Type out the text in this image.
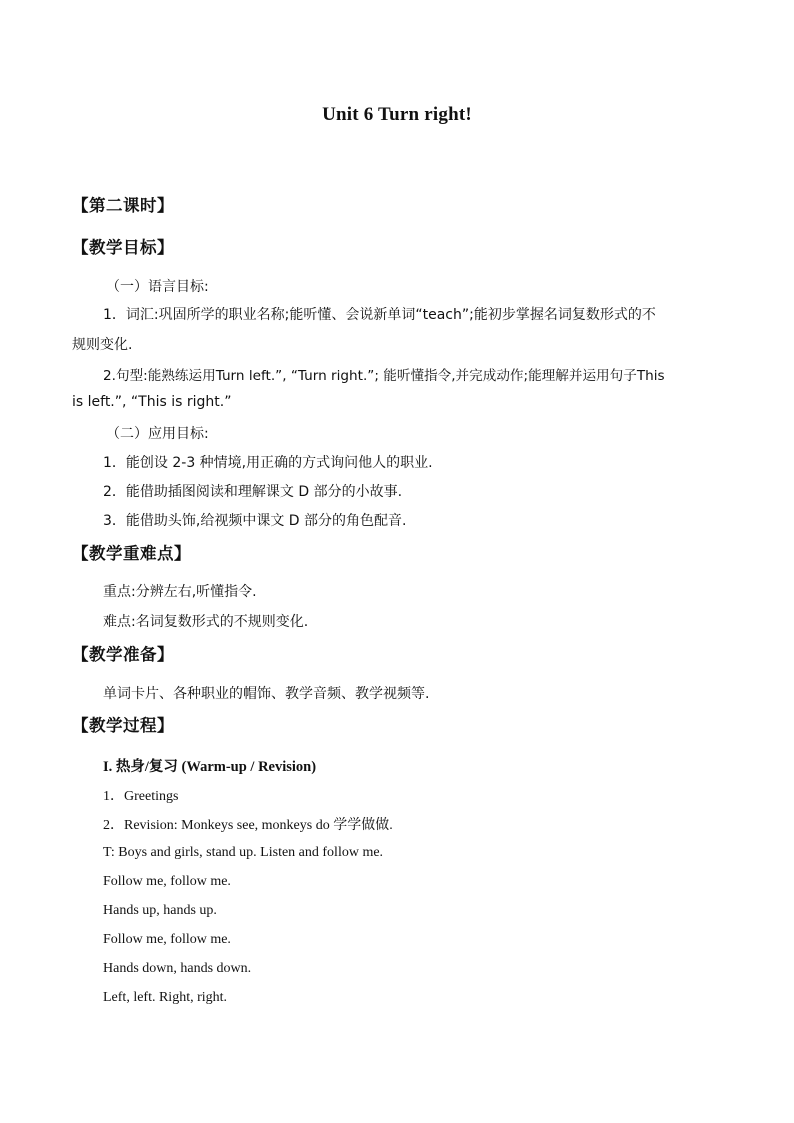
Unit 6 Turn right!
【第二课时】
【教学目标】
（一）语言目标:
1．词汇:巩固所学的职业名称;能听懂、会说新单词“teach”;能初步掌握名词复数形式的不
规则变化.
2.句型:能熟练运用Turn left.”, “Turn right.”; 能听懂指令,并完成动作;能理解并运用句子This
is left.”, “This is right.”
（二）应用目标:
1．能创设 2-3 种情境,用正确的方式询问他人的职业.
2．能借助插图阅读和理解课文 D 部分的小故事.
3．能借助头饰,给视频中课文 D 部分的角色配音.
【教学重难点】
重点:分辨左右,听懂指令.
难点:名词复数形式的不规则变化.
【教学准备】
单词卡片、各种职业的帽饰、教学音频、教学视频等.
【教学过程】
I. 热身/复习 (Warm-up / Revision)
1．Greetings
2．Revision: Monkeys see, monkeys do 学学做做.
T: Boys and girls, stand up. Listen and follow me.
Follow me, follow me.
Hands up, hands up.
Follow me, follow me.
Hands down, hands down.
Left, left. Right, right.
